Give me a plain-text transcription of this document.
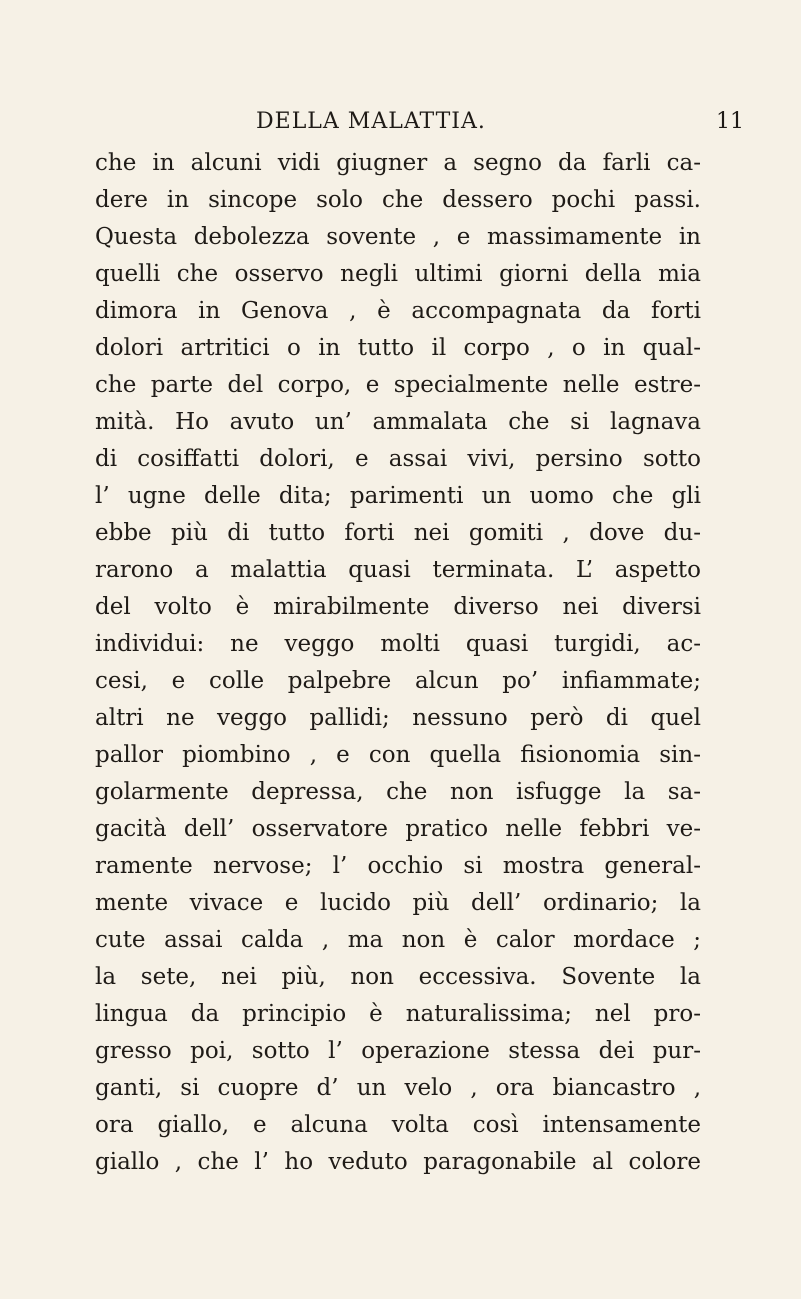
DELLA MALATTIA.	11
che in alcuni vidi giugner a segno da farli ca-
dere in sincope solo che dessero pochi passi.
Questa debolezza sovente , e massimamente in
quelli che osservo negli ultimi giorni della mia
dimora in Genova , è accompagnata da forti
dolori artritici o in tutto il corpo , o in qual-
che parte del corpo, e specialmente nelle estre-
mità. Ho avuto un’ ammalata che si lagnava
di cosiffatti dolori, e assai vivi, persino sotto
l’ ugne delle dita; parimenti un uomo che gli
ebbe più di tutto forti nei gomiti , dove du-
rarono a malattia quasi terminata. L’ aspetto
del volto è mirabilmente diverso nei diversi
individui: ne veggo molti quasi turgidi, ac-
cesi, e colle palpebre alcun po’ infiammate;
altri ne veggo pallidi; nessuno però di quel
pallor piombino , e con quella fisionomia sin-
golarmente depressa, che non isfugge la sa-
gacità dell’ osservatore pratico nelle febbri ve-
ramente nervose; l’ occhio si mostra general-
mente vivace e lucido più dell’ ordinario; la
cute assai calda , ma non è calor mordace ;
la sete, nei più, non eccessiva. Sovente la
lingua da principio è naturalissima; nel pro-
gresso poi, sotto l’ operazione stessa dei pur-
ganti, si cuopre d’ un velo , ora biancastro ,
ora giallo, e alcuna volta così intensamente
giallo , che l’ ho veduto paragonabile al colore
